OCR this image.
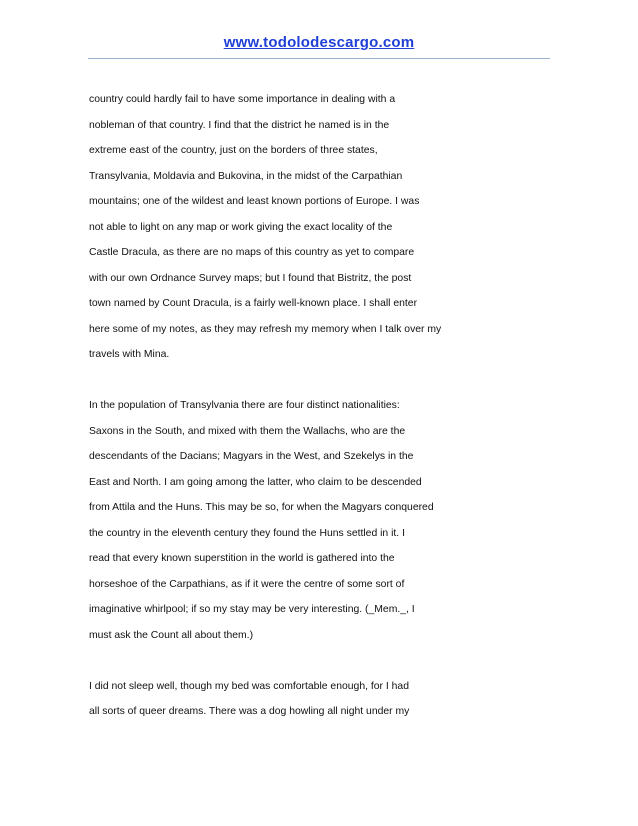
www.todolodescargo.com
country could hardly fail to have some importance in dealing with a
nobleman of that country. I find that the district he named is in the
extreme east of the country, just on the borders of three states,
Transylvania, Moldavia and Bukovina, in the midst of the Carpathian
mountains; one of the wildest and least known portions of Europe. I was
not able to light on any map or work giving the exact locality of the
Castle Dracula, as there are no maps of this country as yet to compare
with our own Ordnance Survey maps; but I found that Bistritz, the post
town named by Count Dracula, is a fairly well-known place. I shall enter
here some of my notes, as they may refresh my memory when I talk over my
travels with Mina.
In the population of Transylvania there are four distinct nationalities:
Saxons in the South, and mixed with them the Wallachs, who are the
descendants of the Dacians; Magyars in the West, and Szekelys in the
East and North. I am going among the latter, who claim to be descended
from Attila and the Huns. This may be so, for when the Magyars conquered
the country in the eleventh century they found the Huns settled in it. I
read that every known superstition in the world is gathered into the
horseshoe of the Carpathians, as if it were the centre of some sort of
imaginative whirlpool; if so my stay may be very interesting. (_Mem._, I
must ask the Count all about them.)
I did not sleep well, though my bed was comfortable enough, for I had
all sorts of queer dreams. There was a dog howling all night under my
